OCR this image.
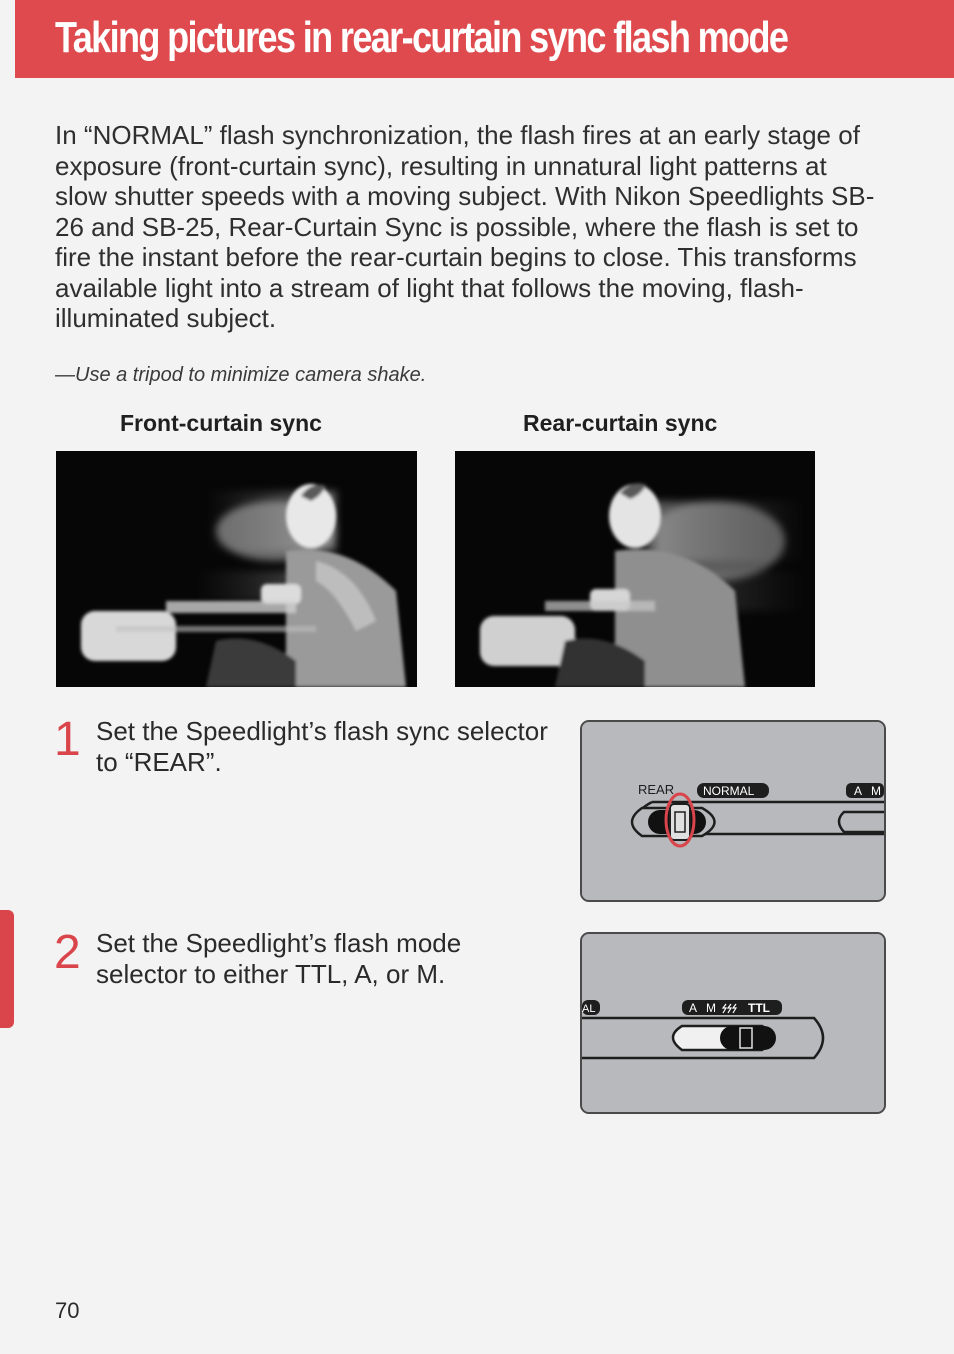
Taking pictures in rear-curtain sync flash mode

In “NORMAL” flash synchronization, the flash fires at an early stage of exposure (front-curtain sync), resulting in unnatural light patterns at slow shutter speeds with a moving subject. With Nikon Speedlights SB-26 and SB-25, Rear-Curtain Sync is possible, where the flash is set to fire the instant before the rear-curtain begins to close. This transforms available light into a stream of light that follows the moving, flash-illuminated subject.

—Use a tripod to minimize camera shake.
Front-curtain sync	Rear-curtain sync
1 Set the Speedlight’s flash sync selector to “REAR”.
REAR NORMAL	A M
2 Set the Speedlight’s flash mode selector to either TTL, A, or M.
AL	A M	TTL
70
